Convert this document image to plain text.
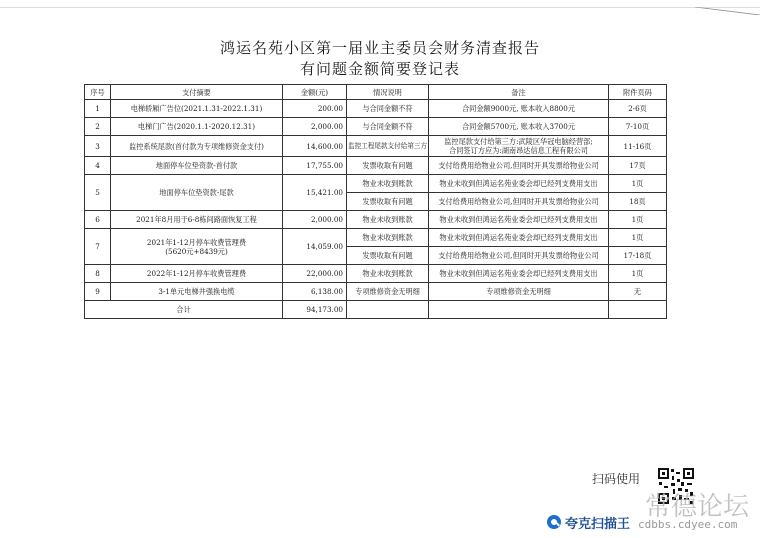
鸿运名苑小区第一届业主委员会财务清查报告
有问题金额简要登记表
序号	支付摘要	金额(元)	情况说明	备注	附件页码
1	电梯轿厢广告位(2021.1.31-2022.1.31)	200.00	与合同金额不符	合同金额9000元, 账本收入8800元	2-6页
2	电梯门广告(2020.1.1-2020.12.31)	2,000.00	与合同金额不符	合同金额5700元, 账本收入3700元	7-10页
3	监控系统尾款(首付款为专项维修资金支付)	14,600.00	监控工程尾款支付给第三方	监控尾款支付给第三方:武陵区华冠电脑经营部;
合同签订方应为:湖南昂达信息工程有限公司	11-16页
4	地面停车位垫资款-首付款	17,755.00	发票收取有问题	支付给费用给物业公司,但同时开具发票给物业公司	17页
5	地面停车位垫资款-尾款	15,421.00	物业未收到账款	物业未收到但鸿运名苑业委会却已经列支费用支出	1页
			发票收取有问题	支付给费用给物业公司,但同时开具发票给物业公司	18页
6	2021年8月用于6-8栋间路面恢复工程	2,000.00	物业未收到账款	物业未收到但鸿运名苑业委会却已经列支费用支出	1页
7	2021年1-12月停车收费管理费
(5620元+8439元)	14,059.00	物业未收到账款	物业未收到但鸿运名苑业委会却已经列支费用支出	1页
			发票收取有问题	支付给费用给物业公司,但同时开具发票给物业公司	17-18页
8	2022年1-12月停车收费管理费	22,000.00	物业未收到账款	物业未收到但鸿运名苑业委会却已经列支费用支出	1页
9	3-1单元电梯井强换电缆	6,138.00	专项维修资金无明细	专项维修资金无明细	无
合计		94,173.00			
扫码使用
夸克扫描王
常德论坛
cdbbs.cdyee.com
